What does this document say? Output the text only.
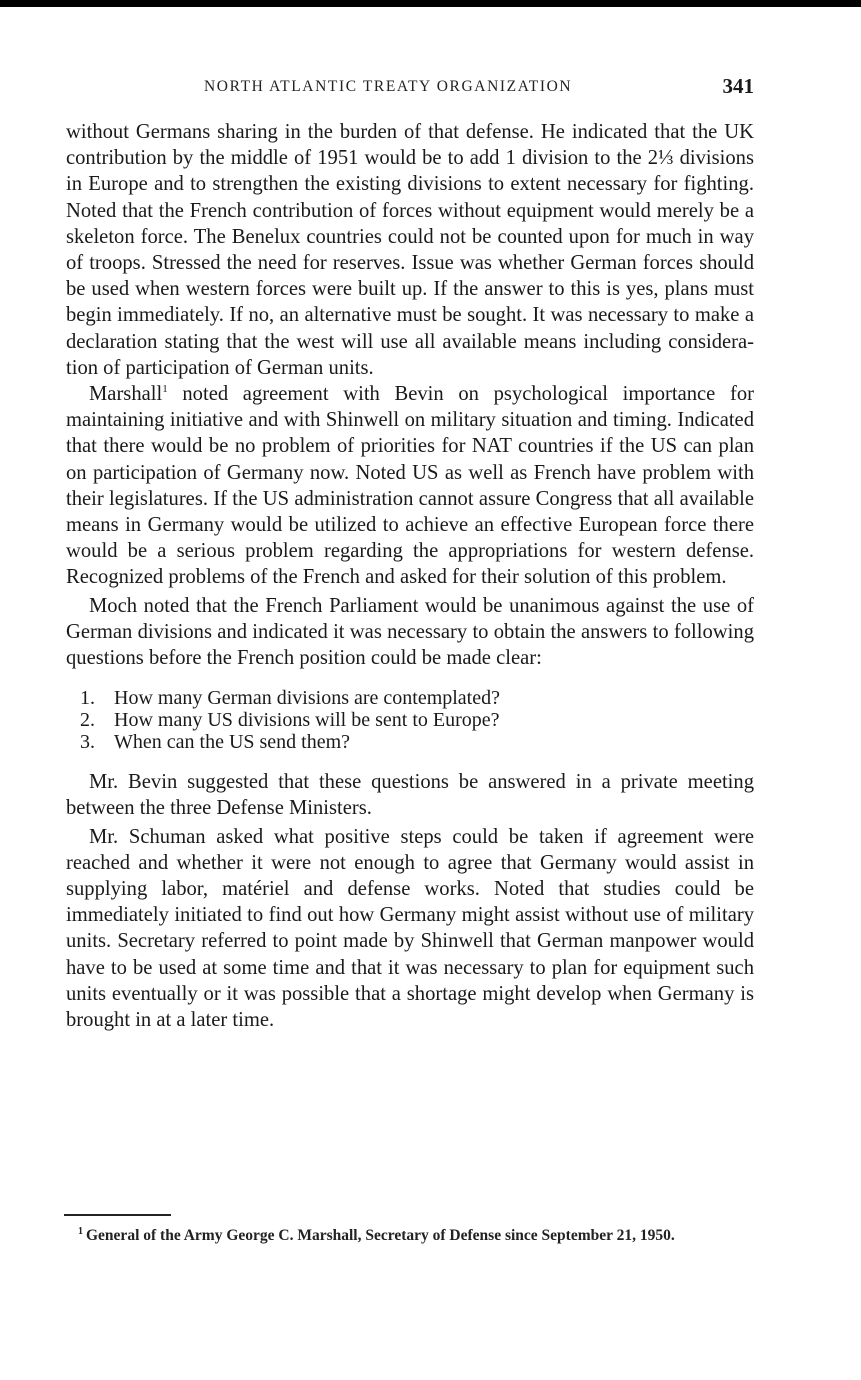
NORTH ATLANTIC TREATY ORGANIZATION	341

without Germans sharing in the burden of that defense. He indicated that the UK contribution by the middle of 1951 would be to add 1 division to the 2⅓ divisions in Europe and to strengthen the existing divisions to extent necessary for fighting. Noted that the French contribution of forces without equipment would merely be a skeleton force. The Benelux countries could not be counted upon for much in way of troops. Stressed the need for reserves. Issue was whether German forces should be used when western forces were built up. If the answer to this is yes, plans must begin immediately. If no, an alternative must be sought. It was necessary to make a declaration stating that the west will use all available means including consideration of participation of German units.

Marshall$^1$ noted agreement with Bevin on psychological importance for maintaining initiative and with Shinwell on military situation and timing. Indicated that there would be no problem of priorities for NAT countries if the US can plan on participation of Germany now. Noted US as well as French have problem with their legislatures. If the US administration cannot assure Congress that all available means in Germany would be utilized to achieve an effective European force there would be a serious problem regarding the appropriations for western defense. Recognized problems of the French and asked for their solution of this problem.

Moch noted that the French Parliament would be unanimous against the use of German divisions and indicated it was necessary to obtain the answers to following questions before the French position could be made clear:

1. How many German divisions are contemplated?
2. How many US divisions will be sent to Europe?
3. When can the US send them?

Mr. Bevin suggested that these questions be answered in a private meeting between the three Defense Ministers.

Mr. Schuman asked what positive steps could be taken if agreement were reached and whether it were not enough to agree that Germany would assist in supplying labor, matériel and defense works. Noted that studies could be immediately initiated to find out how Germany might assist without use of military units. Secretary referred to point made by Shinwell that German manpower would have to be used at some time and that it was necessary to plan for equipment such units eventually or it was possible that a shortage might develop when Germany is brought in at a later time.

$^1$ General of the Army George C. Marshall, Secretary of Defense since September 21, 1950.
